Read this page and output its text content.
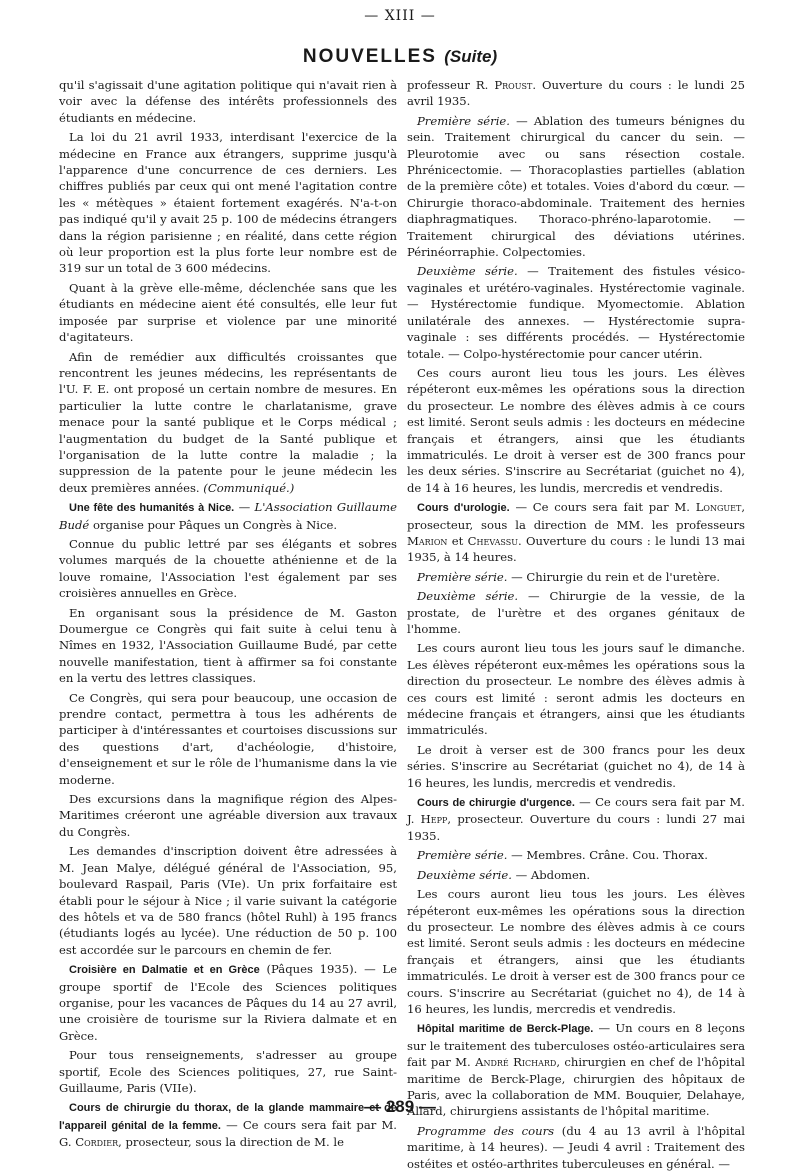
— XIII —
NOUVELLES (Suite)

qu'il s'agissait d'une agitation politique qui n'avait rien à voir avec la défense des intérêts professionnels des étudiants en médecine.

La loi du 21 avril 1933, interdisant l'exercice de la médecine en France aux étrangers, supprime jusqu'à l'apparence d'une concurrence de ces derniers. Les chiffres publiés par ceux qui ont mené l'agitation contre les « métèques » étaient fortement exagérés. N'a-t-on pas indiqué qu'il y avait 25 p. 100 de médecins étrangers dans la région parisienne ; en réalité, dans cette région où leur proportion est la plus forte leur nombre est de 319 sur un total de 3 600 médecins.

Quant à la grève elle-même, déclenchée sans que les étudiants en médecine aient été consultés, elle leur fut imposée par surprise et violence par une minorité d'agitateurs.

Afin de remédier aux difficultés croissantes que rencontrent les jeunes médecins, les représentants de l'U. F. E. ont proposé un certain nombre de mesures. En particulier la lutte contre le charlatanisme, grave menace pour la santé publique et le Corps médical ; l'augmentation du budget de la Santé publique et l'organisation de la lutte contre la maladie ; la suppression de la patente pour le jeune médecin les deux premières années. (Communiqué.)

Une fête des humanités à Nice. — L'Association Guillaume Budé organise pour Pâques un Congrès à Nice.

Connue du public lettré par ses élégants et sobres volumes marqués de la chouette athénienne et de la louve romaine, l'Association l'est également par ses croisières annuelles en Grèce.

En organisant sous la présidence de M. Gaston Doumergue ce Congrès qui fait suite à celui tenu à Nîmes en 1932, l'Association Guillaume Budé, par cette nouvelle manifestation, tient à affirmer sa foi constante en la vertu des lettres classiques.

Ce Congrès, qui sera pour beaucoup, une occasion de prendre contact, permettra à tous les adhérents de participer à d'intéressantes et courtoises discussions sur des questions d'art, d'achéologie, d'histoire, d'enseignement et sur le rôle de l'humanisme dans la vie moderne.

Des excursions dans la magnifique région des Alpes-Maritimes créeront une agréable diversion aux travaux du Congrès.

Les demandes d'inscription doivent être adressées à M. Jean Malye, délégué général de l'Association, 95, boulevard Raspail, Paris (VIe). Un prix forfaitaire est établi pour le séjour à Nice ; il varie suivant la catégorie des hôtels et va de 580 francs (hôtel Ruhl) à 195 francs (étudiants logés au lycée). Une réduction de 50 p. 100 est accordée sur le parcours en chemin de fer.

Croisière en Dalmatie et en Grèce (Pâques 1935). — Le groupe sportif de l'Ecole des Sciences politiques organise, pour les vacances de Pâques du 14 au 27 avril, une croisière de tourisme sur la Riviera dalmate et en Grèce.

Pour tous renseignements, s'adresser au groupe sportif, Ecole des Sciences politiques, 27, rue Saint-Guillaume, Paris (VIIe).

Cours de chirurgie du thorax, de la glande mammaire et de l'appareil génital de la femme. — Ce cours sera fait par M. G. Cordier, prosecteur, sous la direction de M. le

professeur R. Proust. Ouverture du cours : le lundi 25 avril 1935.

Première série. — Ablation des tumeurs bénignes du sein. Traitement chirurgical du cancer du sein. — Pleurotomie avec ou sans résection costale. Phrénicectomie. — Thoracoplasties partielles (ablation de la première côte) et totales. Voies d'abord du cœur. — Chirurgie thoraco-abdominale. Traitement des hernies diaphragmatiques. Thoraco-phréno-laparotomie. — Traitement chirurgical des déviations utérines. Périnéorraphie. Colpectomies.

Deuxième série. — Traitement des fistules vésico-vaginales et urétéro-vaginales. Hystérectomie vaginale. — Hystérectomie fundique. Myomectomie. Ablation unilatérale des annexes. — Hystérectomie supra-vaginale : ses différents procédés. — Hystérectomie totale. — Colpo-hystérectomie pour cancer utérin.

Ces cours auront lieu tous les jours. Les élèves répéteront eux-mêmes les opérations sous la direction du prosecteur. Le nombre des élèves admis à ce cours est limité. Seront seuls admis : les docteurs en médecine français et étrangers, ainsi que les étudiants immatriculés. Le droit à verser est de 300 francs pour les deux séries. S'inscrire au Secrétariat (guichet no 4), de 14 à 16 heures, les lundis, mercredis et vendredis.

Cours d'urologie. — Ce cours sera fait par M. Longuet, prosecteur, sous la direction de MM. les professeurs Marion et Chevassu. Ouverture du cours : le lundi 13 mai 1935, à 14 heures.

Première série. — Chirurgie du rein et de l'uretère.

Deuxième série. — Chirurgie de la vessie, de la prostate, de l'urètre et des organes génitaux de l'homme.

Les cours auront lieu tous les jours sauf le dimanche. Les élèves répéteront eux-mêmes les opérations sous la direction du prosecteur. Le nombre des élèves admis à ces cours est limité : seront admis les docteurs en médecine français et étrangers, ainsi que les étudiants immatriculés.

Le droit à verser est de 300 francs pour les deux séries. S'inscrire au Secrétariat (guichet no 4), de 14 à 16 heures, les lundis, mercredis et vendredis.

Cours de chirurgie d'urgence. — Ce cours sera fait par M. J. Hepp, prosecteur. Ouverture du cours : lundi 27 mai 1935.

Première série. — Membres. Crâne. Cou. Thorax.

Deuxième série. — Abdomen.

Les cours auront lieu tous les jours. Les élèves répéteront eux-mêmes les opérations sous la direction du prosecteur. Le nombre des élèves admis à ce cours est limité. Seront seuls admis : les docteurs en médecine français et étrangers, ainsi que les étudiants immatriculés. Le droit à verser est de 300 francs pour ce cours. S'inscrire au Secrétariat (guichet no 4), de 14 à 16 heures, les lundis, mercredis et vendredis.

Hôpital maritime de Berck-Plage. — Un cours en 8 leçons sur le traitement des tuberculoses ostéo-articulaires sera fait par M. André Richard, chirurgien en chef de l'hôpital maritime de Berck-Plage, chirurgien des hôpitaux de Paris, avec la collaboration de MM. Bouquier, Delahaye, Allard, chirurgiens assistants de l'hôpital maritime.

Programme des cours (du 4 au 13 avril à l'hôpital maritime, à 14 heures). — Jeudi 4 avril : Traitement des ostéites et ostéo-arthrites tuberculeuses en général. —

— 289 —
